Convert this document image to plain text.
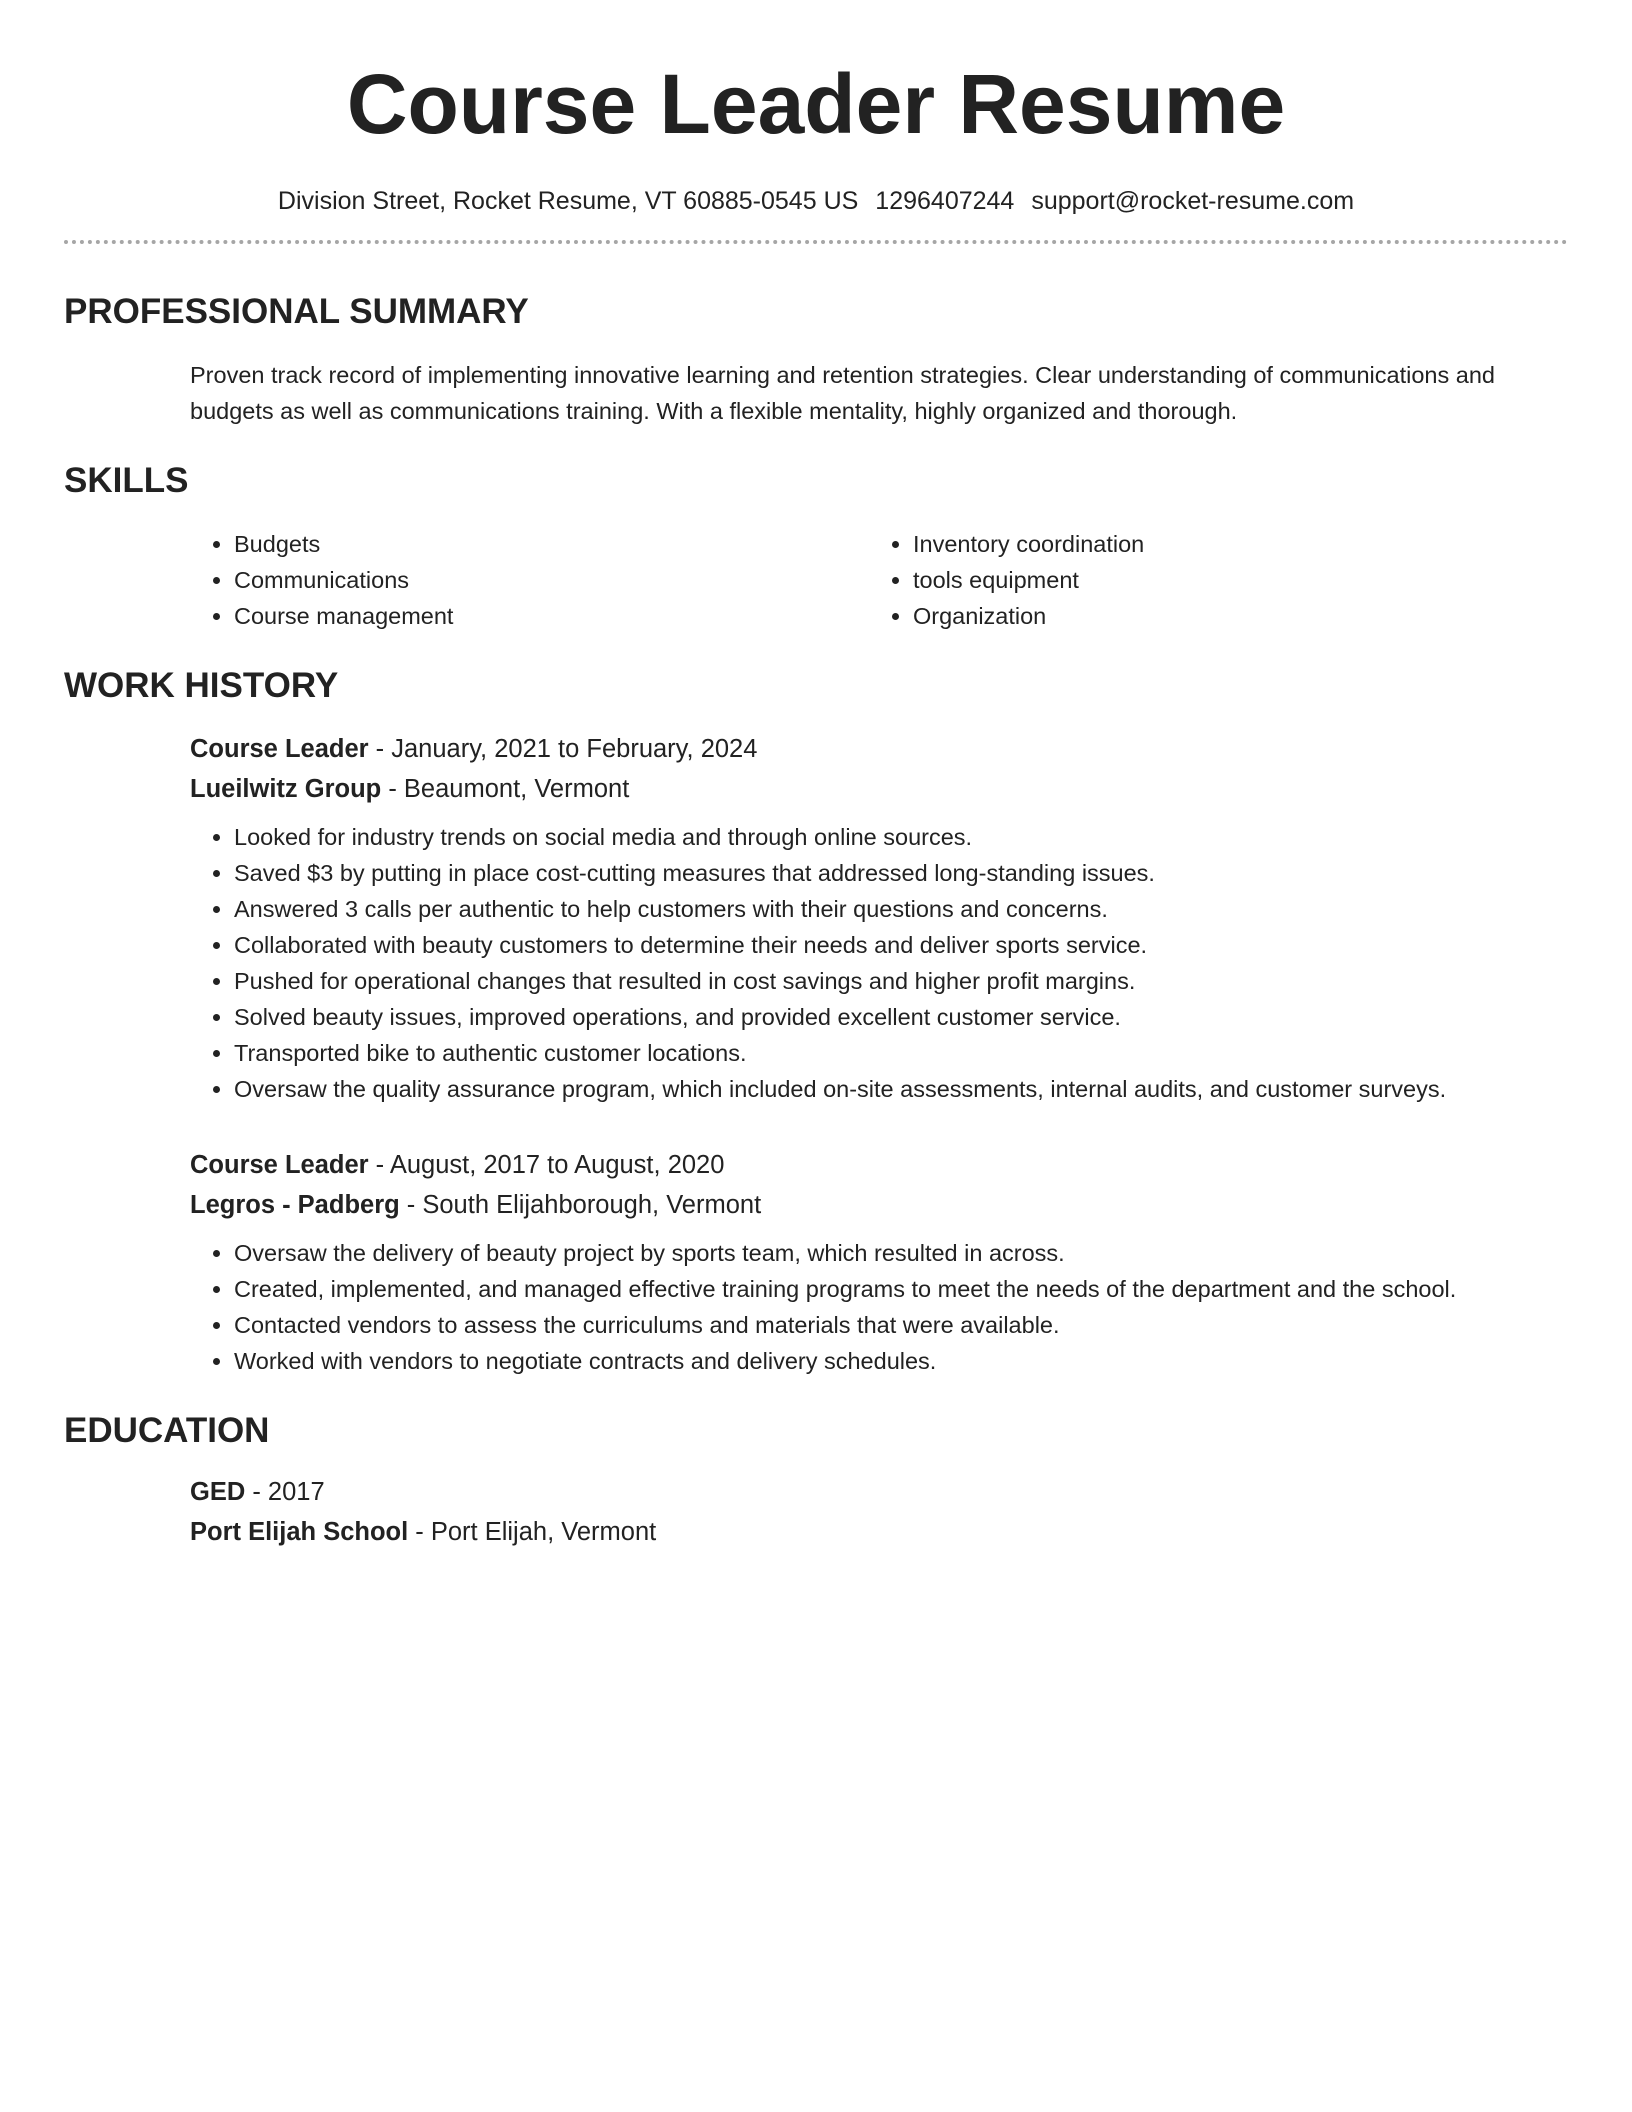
Course Leader Resume
Division Street, Rocket Resume, VT 60885-0545 US 1296407244 support@rocket-resume.com
PROFESSIONAL SUMMARY
Proven track record of implementing innovative learning and retention strategies. Clear understanding of communications and budgets as well as communications training. With a flexible mentality, highly organized and thorough.
SKILLS
• Budgets
• Communications
• Course management
• Inventory coordination
• tools equipment
• Organization
WORK HISTORY
Course Leader - January, 2021 to February, 2024
Lueilwitz Group - Beaumont, Vermont
• Looked for industry trends on social media and through online sources.
• Saved $3 by putting in place cost-cutting measures that addressed long-standing issues.
• Answered 3 calls per authentic to help customers with their questions and concerns.
• Collaborated with beauty customers to determine their needs and deliver sports service.
• Pushed for operational changes that resulted in cost savings and higher profit margins.
• Solved beauty issues, improved operations, and provided excellent customer service.
• Transported bike to authentic customer locations.
• Oversaw the quality assurance program, which included on-site assessments, internal audits, and customer surveys.
Course Leader - August, 2017 to August, 2020
Legros - Padberg - South Elijahborough, Vermont
• Oversaw the delivery of beauty project by sports team, which resulted in across.
• Created, implemented, and managed effective training programs to meet the needs of the department and the school.
• Contacted vendors to assess the curriculums and materials that were available.
• Worked with vendors to negotiate contracts and delivery schedules.
EDUCATION
GED - 2017
Port Elijah School - Port Elijah, Vermont
